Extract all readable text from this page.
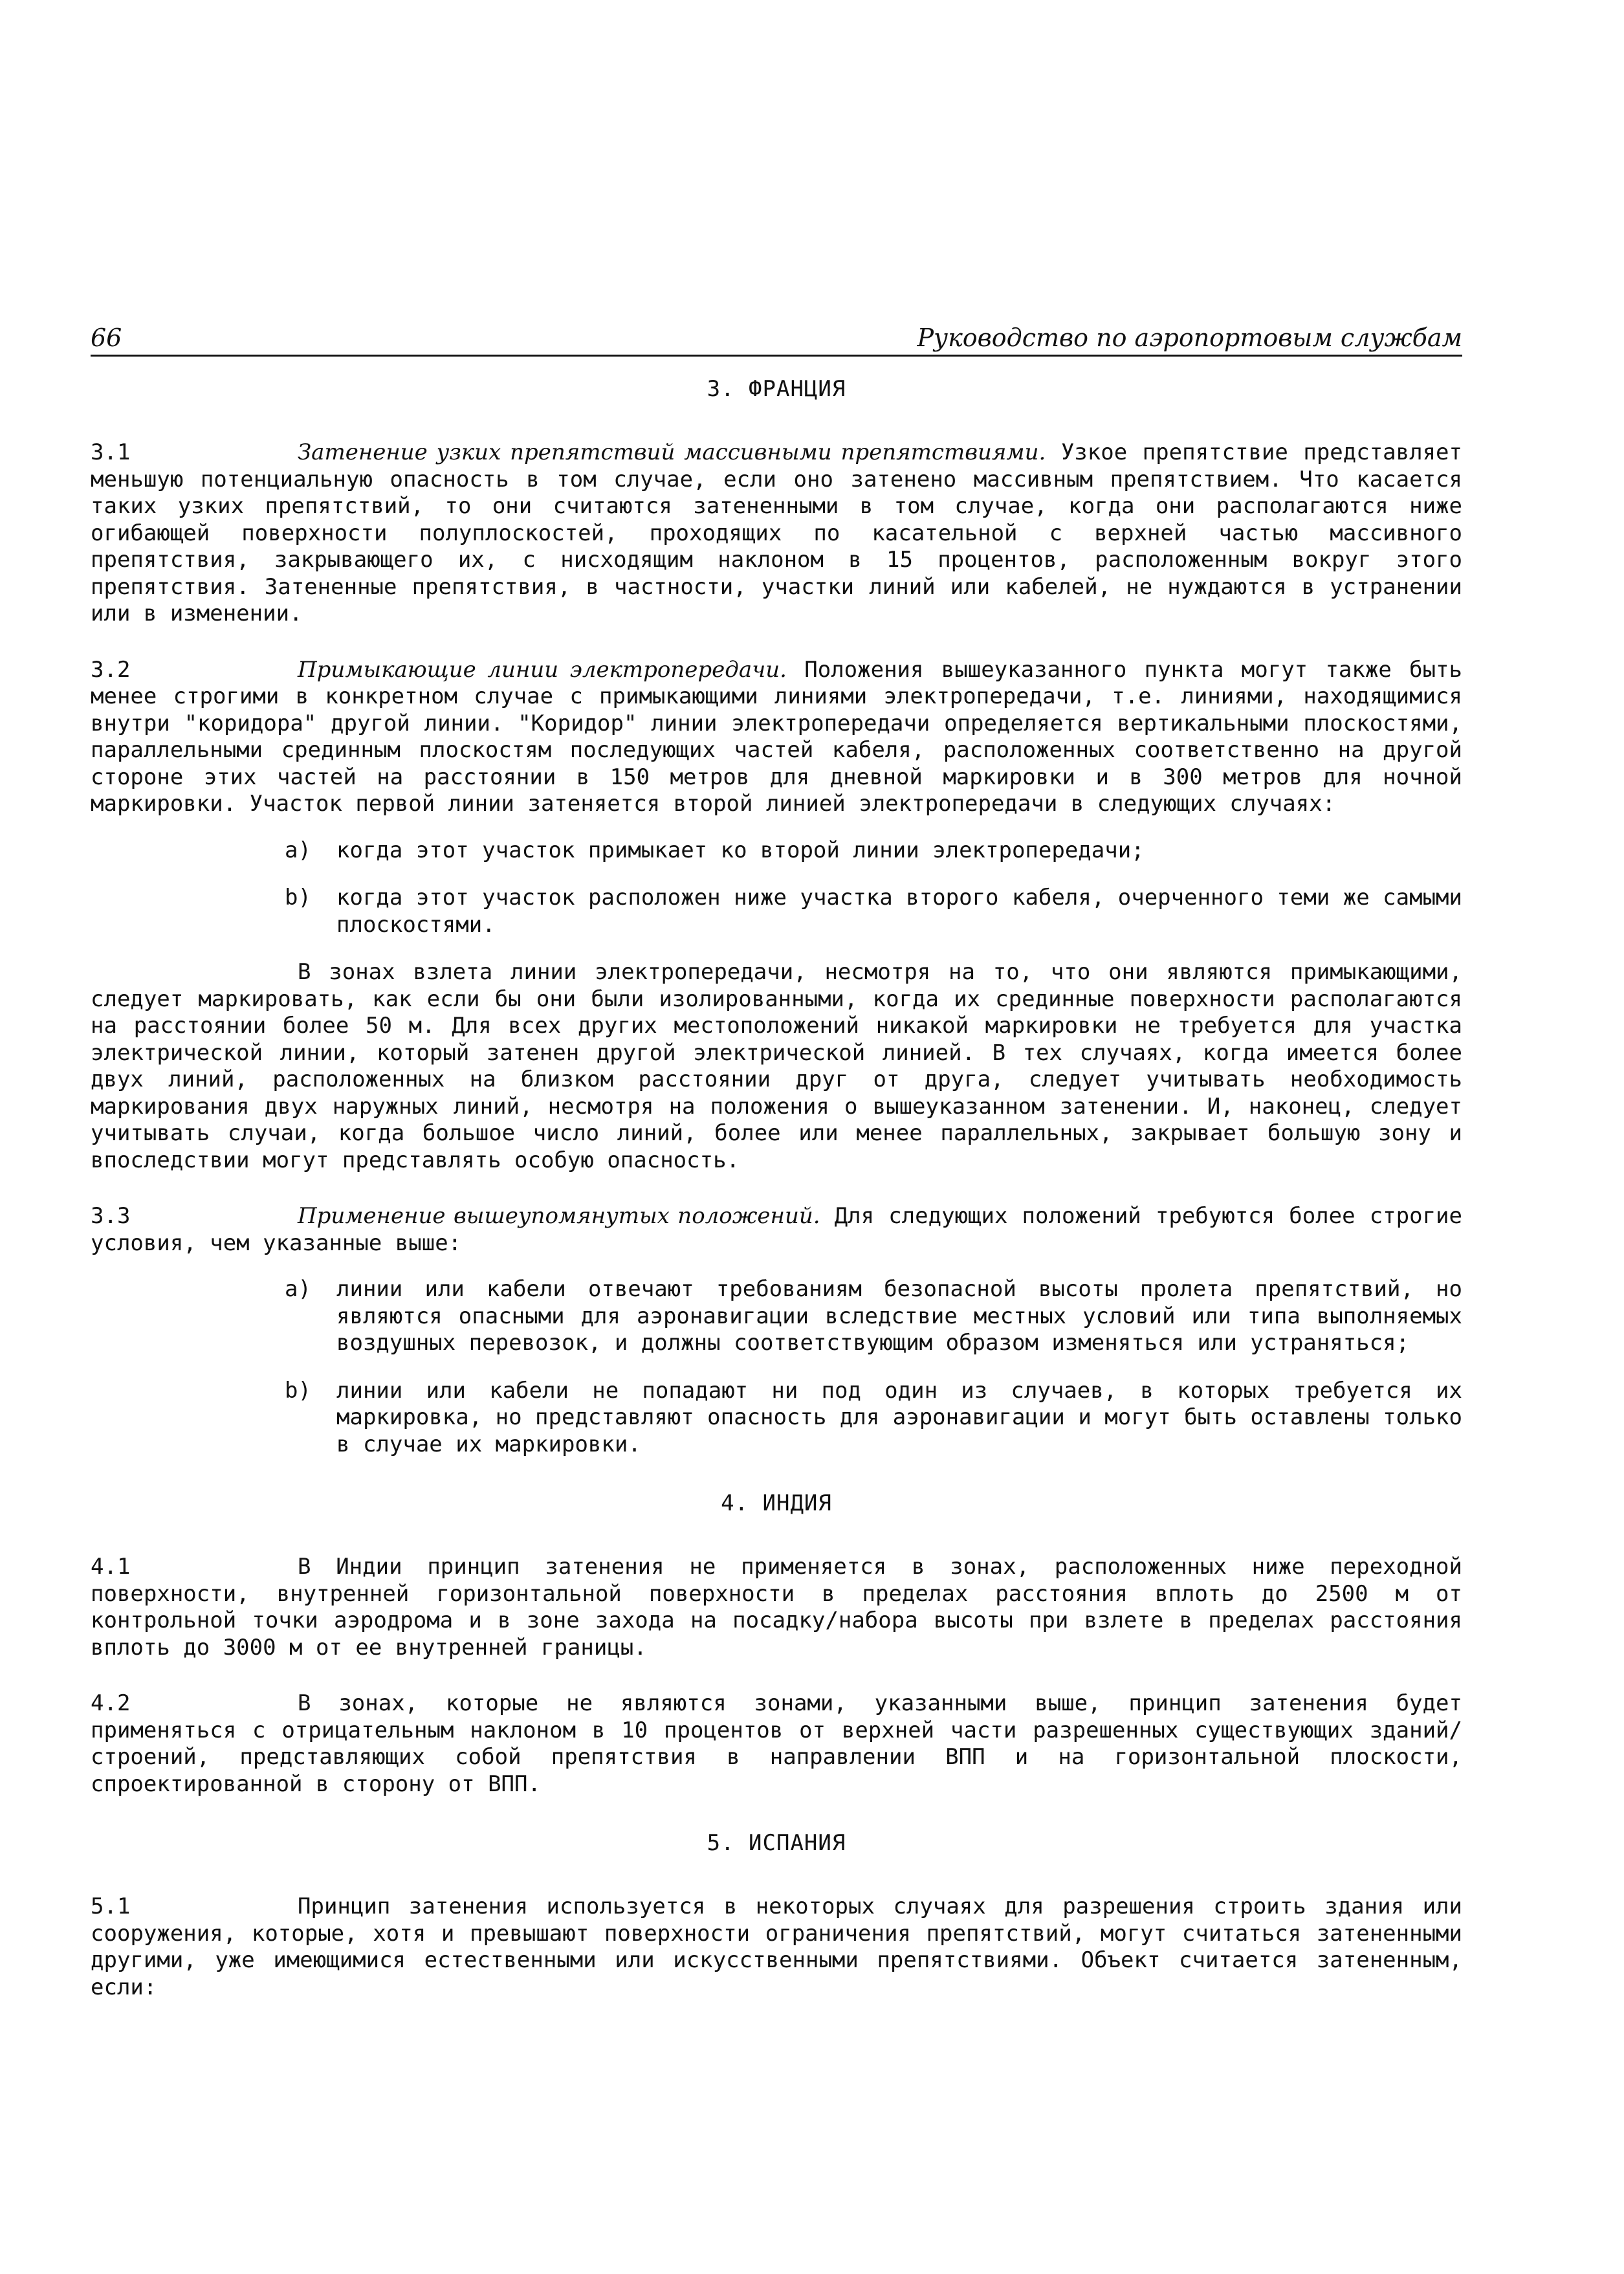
66	Руководство по аэропортовым службам
3. ФРАНЦИЯ

3.1	Затенение узких препятствий массивными препятствиями. Узкое препятствие представляет меньшую потенциальную опасность в том случае, если оно затенено массивным препятствием. Что касается таких узких препятствий, то они считаются затененными в том случае, когда они располагаются ниже огибающей поверхности полуплоскостей, проходящих по касательной с верхней частью массивного препятствия, закрывающего их, с нисходящим наклоном в 15 процентов, расположенным вокруг этого препятствия. Затененные препятствия, в частности, участки линий или кабелей, не нуждаются в устранении или в изменении.

3.2	Примыкающие линии электропередачи. Положения вышеуказанного пункта могут также быть менее строгими в конкретном случае с примыкающими линиями электропередачи, т.е. линиями, находящимися внутри "коридора" другой линии. "Коридор" линии электропередачи определяется вертикальными плоскостями, параллельными срединным плоскостям последующих частей кабеля, расположенных соответственно на другой стороне этих частей на расстоянии в 150 метров для дневной маркировки и в 300 метров для ночной маркировки. Участок первой линии затеняется второй линией электропередачи в следующих случаях:

a)	когда этот участок примыкает ко второй линии электропередачи;
b)	когда этот участок расположен ниже участка второго кабеля, очерченного теми же самыми плоскостями.

В зонах взлета линии электропередачи, несмотря на то, что они являются примыкающими, следует маркировать, как если бы они были изолированными, когда их срединные поверхности располагаются на расстоянии более 50 м. Для всех других местоположений никакой маркировки не требуется для участка электрической линии, который затенен другой электрической линией. В тех случаях, когда имеется более двух линий, расположенных на близком расстоянии друг от друга, следует учитывать необходимость маркирования двух наружных линий, несмотря на положения о вышеуказанном затенении. И, наконец, следует учитывать случаи, когда большое число линий, более или менее параллельных, закрывает большую зону и впоследствии могут представлять особую опасность.

3.3	Применение вышеупомянутых положений. Для следующих положений требуются более строгие условия, чем указанные выше:

a)	линии или кабели отвечают требованиям безопасной высоты пролета препятствий, но являются опасными для аэронавигации вследствие местных условий или типа выполняемых воздушных перевозок, и должны соответствующим образом изменяться или устраняться;
b)	линии или кабели не попадают ни под один из случаев, в которых требуется их маркировка, но представляют опасность для аэронавигации и могут быть оставлены только в случае их маркировки.
4. ИНДИЯ

4.1	В Индии принцип затенения не применяется в зонах, расположенных ниже переходной поверхности, внутренней горизонтальной поверхности в пределах расстояния вплоть до 2500 м от контрольной точки аэродрома и в зоне захода на посадку/набора высоты при взлете в пределах расстояния вплоть до 3000 м от ее внутренней границы.

4.2	В зонах, которые не являются зонами, указанными выше, принцип затенения будет применяться с отрицательным наклоном в 10 процентов от верхней части разрешенных существующих зданий/строений, представляющих собой препятствия в направлении ВПП и на горизонтальной плоскости, спроектированной в сторону от ВПП.

5. ИСПАНИЯ

5.1	Принцип затенения используется в некоторых случаях для разрешения строить здания или сооружения, которые, хотя и превышают поверхности ограничения препятствий, могут считаться затененными другими, уже имеющимися естественными или искусственными препятствиями. Объект считается затененным, если:
